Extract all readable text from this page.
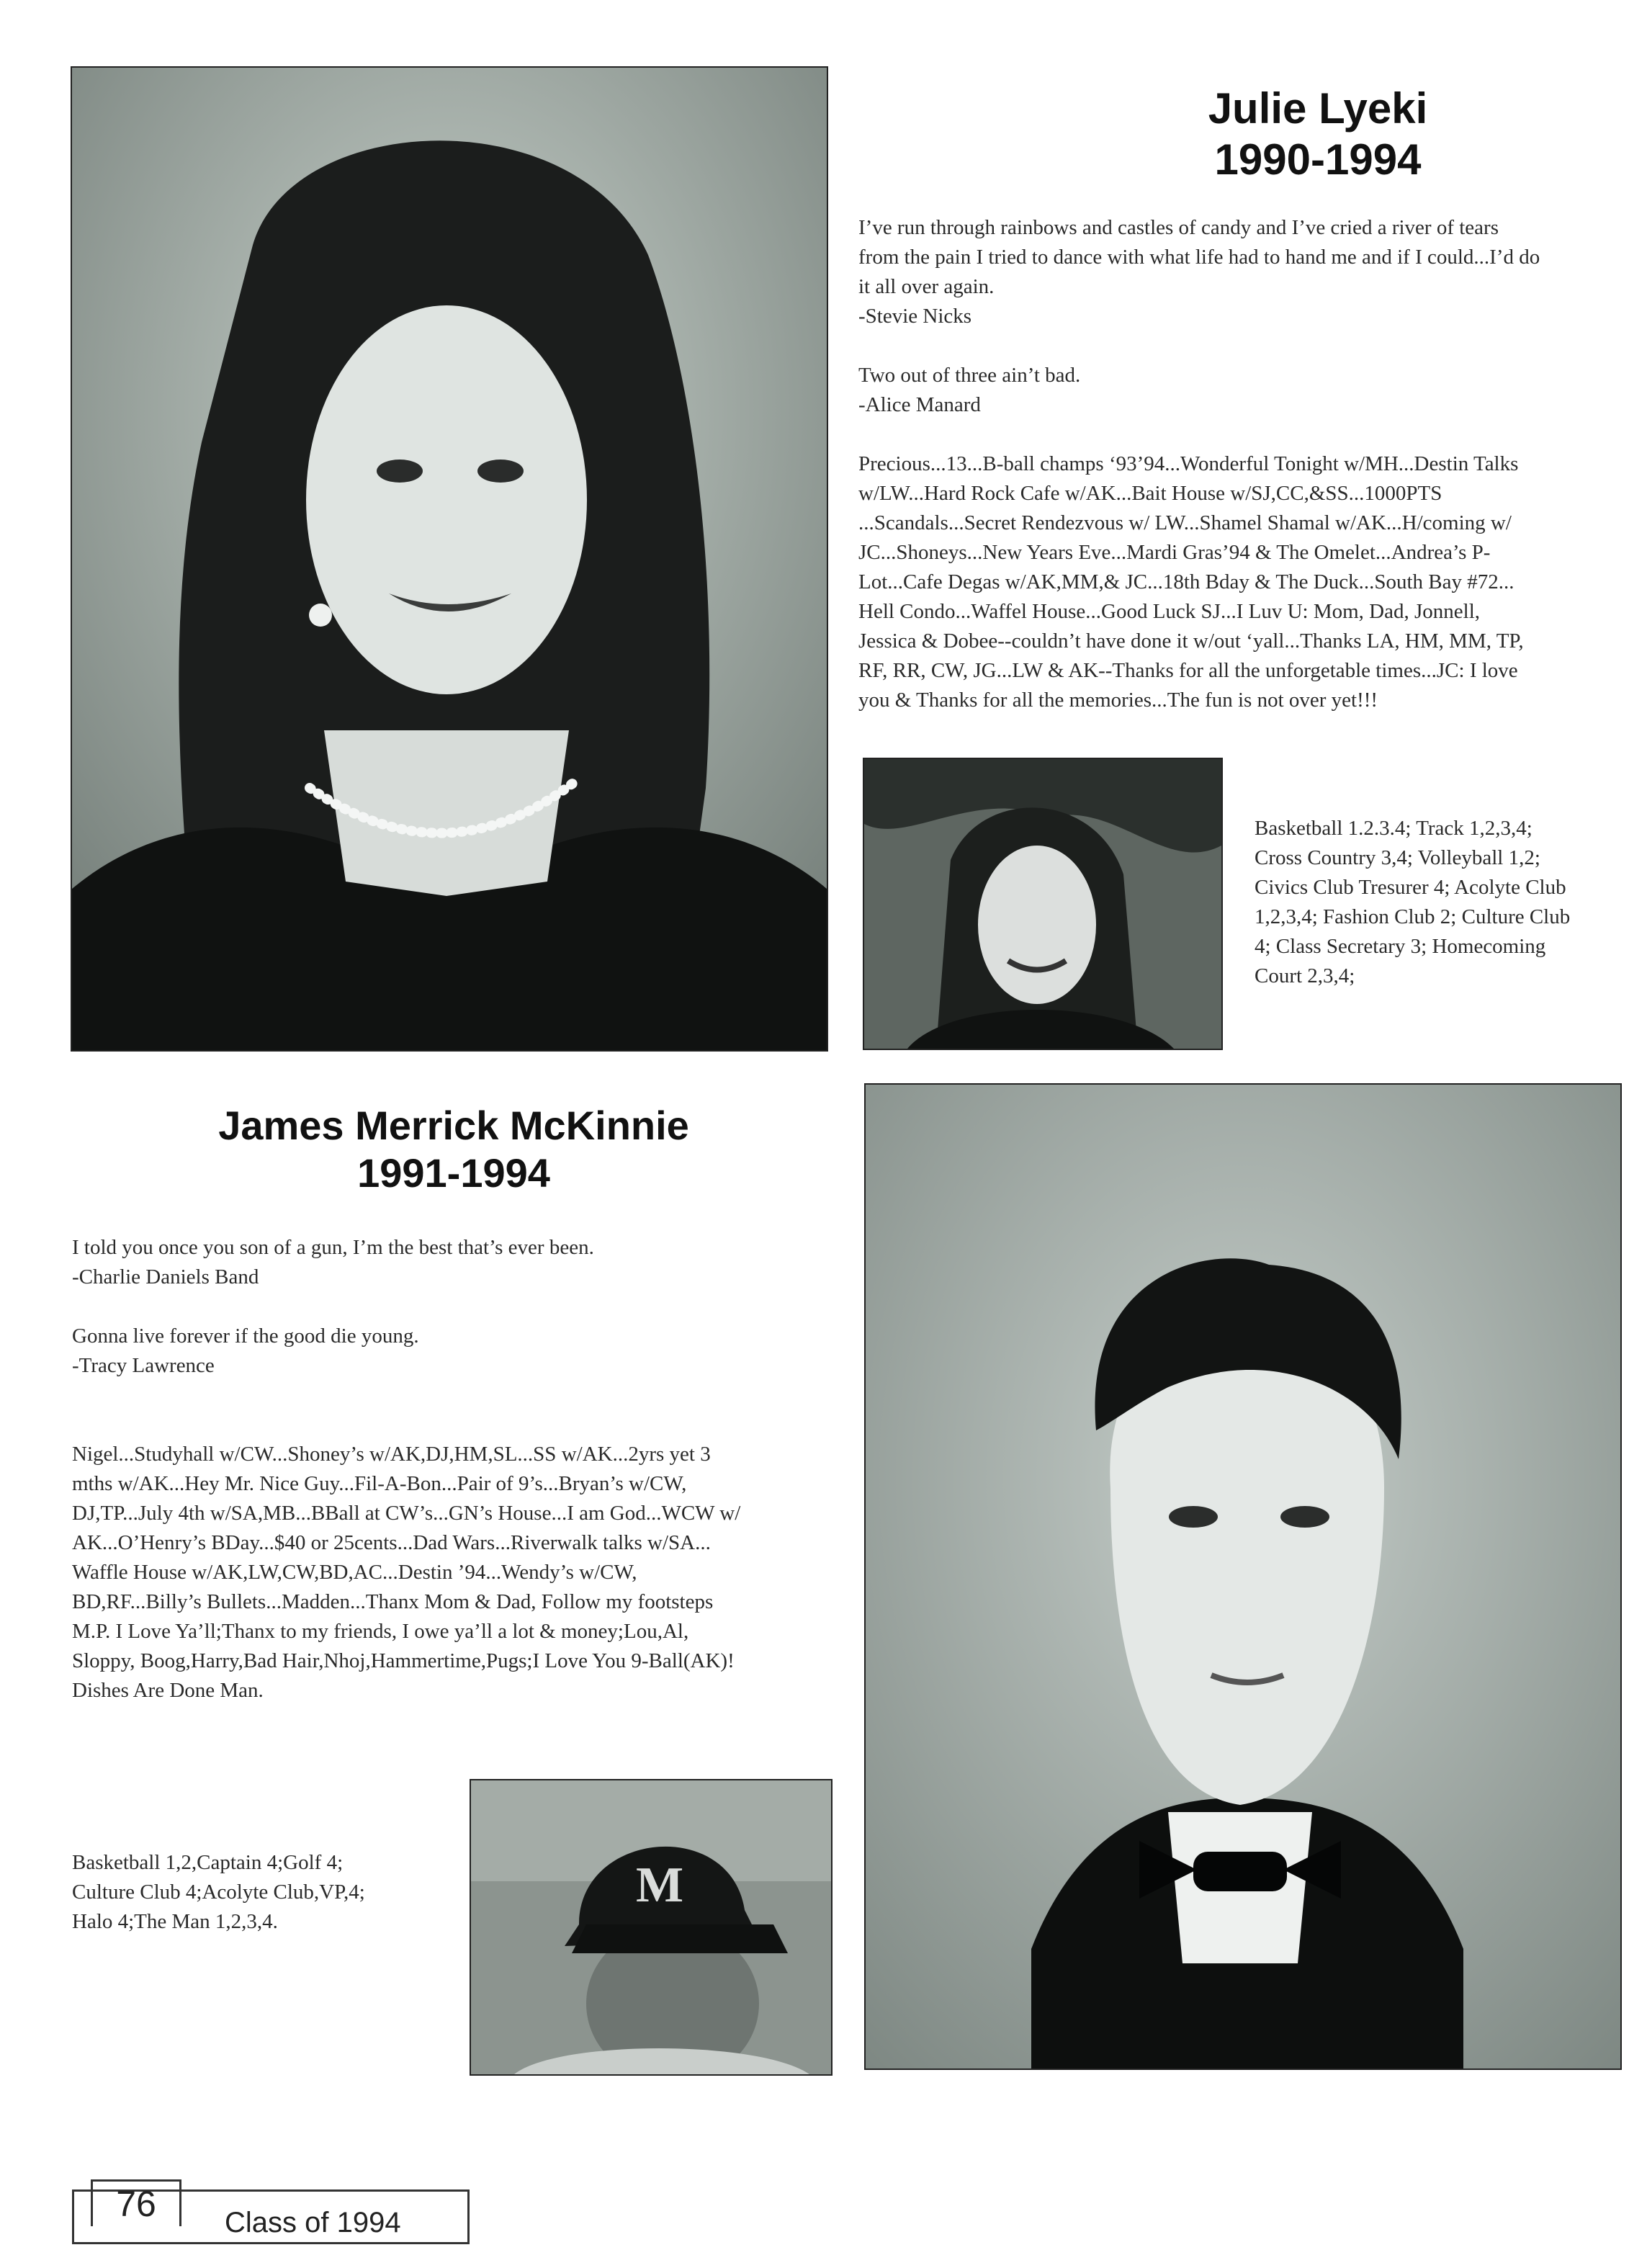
Julie Lyeki
1990-1994

I’ve run through rainbows and castles of candy and I’ve cried a river of tears

from the pain I tried to dance with what life had to hand me and if I could...I’d do

it all over again.

-Stevie Nicks

Two out of three ain’t bad.

-Alice Manard

Precious...13...B-ball champs ‘93’94...Wonderful Tonight w/MH...Destin Talks

w/LW...Hard Rock Cafe w/AK...Bait House w/SJ,CC,&SS...1000PTS

...Scandals...Secret Rendezvous w/ LW...Shamel Shamal w/AK...H/coming w/

JC...Shoneys...New Years Eve...Mardi Gras’94 & The Omelet...Andrea’s P-

Lot...Cafe Degas w/AK,MM,& JC...18th Bday & The Duck...South Bay #72...

Hell Condo...Waffel House...Good Luck SJ...I Luv U: Mom, Dad, Jonnell,

Jessica & Dobee--couldn’t have done it w/out ‘yall...Thanks LA, HM, MM, TP,

RF, RR, CW, JG...LW & AK--Thanks for all the unforgetable times...JC: I love

you & Thanks for all the memories...The fun is not over yet!!!

Basketball 1.2.3.4; Track 1,2,3,4;

Cross Country 3,4; Volleyball 1,2;

Civics Club Tresurer 4; Acolyte Club

1,2,3,4; Fashion Club 2; Culture Club

4; Class Secretary 3; Homecoming

Court 2,3,4;

James Merrick McKinnie
1991-1994

I told you once you son of a gun, I’m the best that’s ever been.

-Charlie Daniels Band

Gonna live forever if the good die young.

-Tracy Lawrence

Nigel...Studyhall w/CW...Shoney’s w/AK,DJ,HM,SL...SS w/AK...2yrs yet 3

mths w/AK...Hey Mr. Nice Guy...Fil-A-Bon...Pair of 9’s...Bryan’s w/CW,

DJ,TP...July 4th w/SA,MB...BBall at CW’s...GN’s House...I am God...WCW w/

AK...O’Henry’s BDay...$40 or 25cents...Dad Wars...Riverwalk talks w/SA...

Waffle House w/AK,LW,CW,BD,AC...Destin ’94...Wendy’s w/CW,

BD,RF...Billy’s Bullets...Madden...Thanx Mom & Dad, Follow my footsteps

M.P. I Love Ya’ll;Thanx to my friends, I owe ya’ll a lot & money;Lou,Al,

Sloppy, Boog,Harry,Bad Hair,Nhoj,Hammertime,Pugs;I Love You 9-Ball(AK)!

Dishes Are Done Man.

Basketball 1,2,Captain 4;Golf 4;

Culture Club 4;Acolyte Club,VP,4;

Halo 4;The Man 1,2,3,4.

M
76	Class of 1994
